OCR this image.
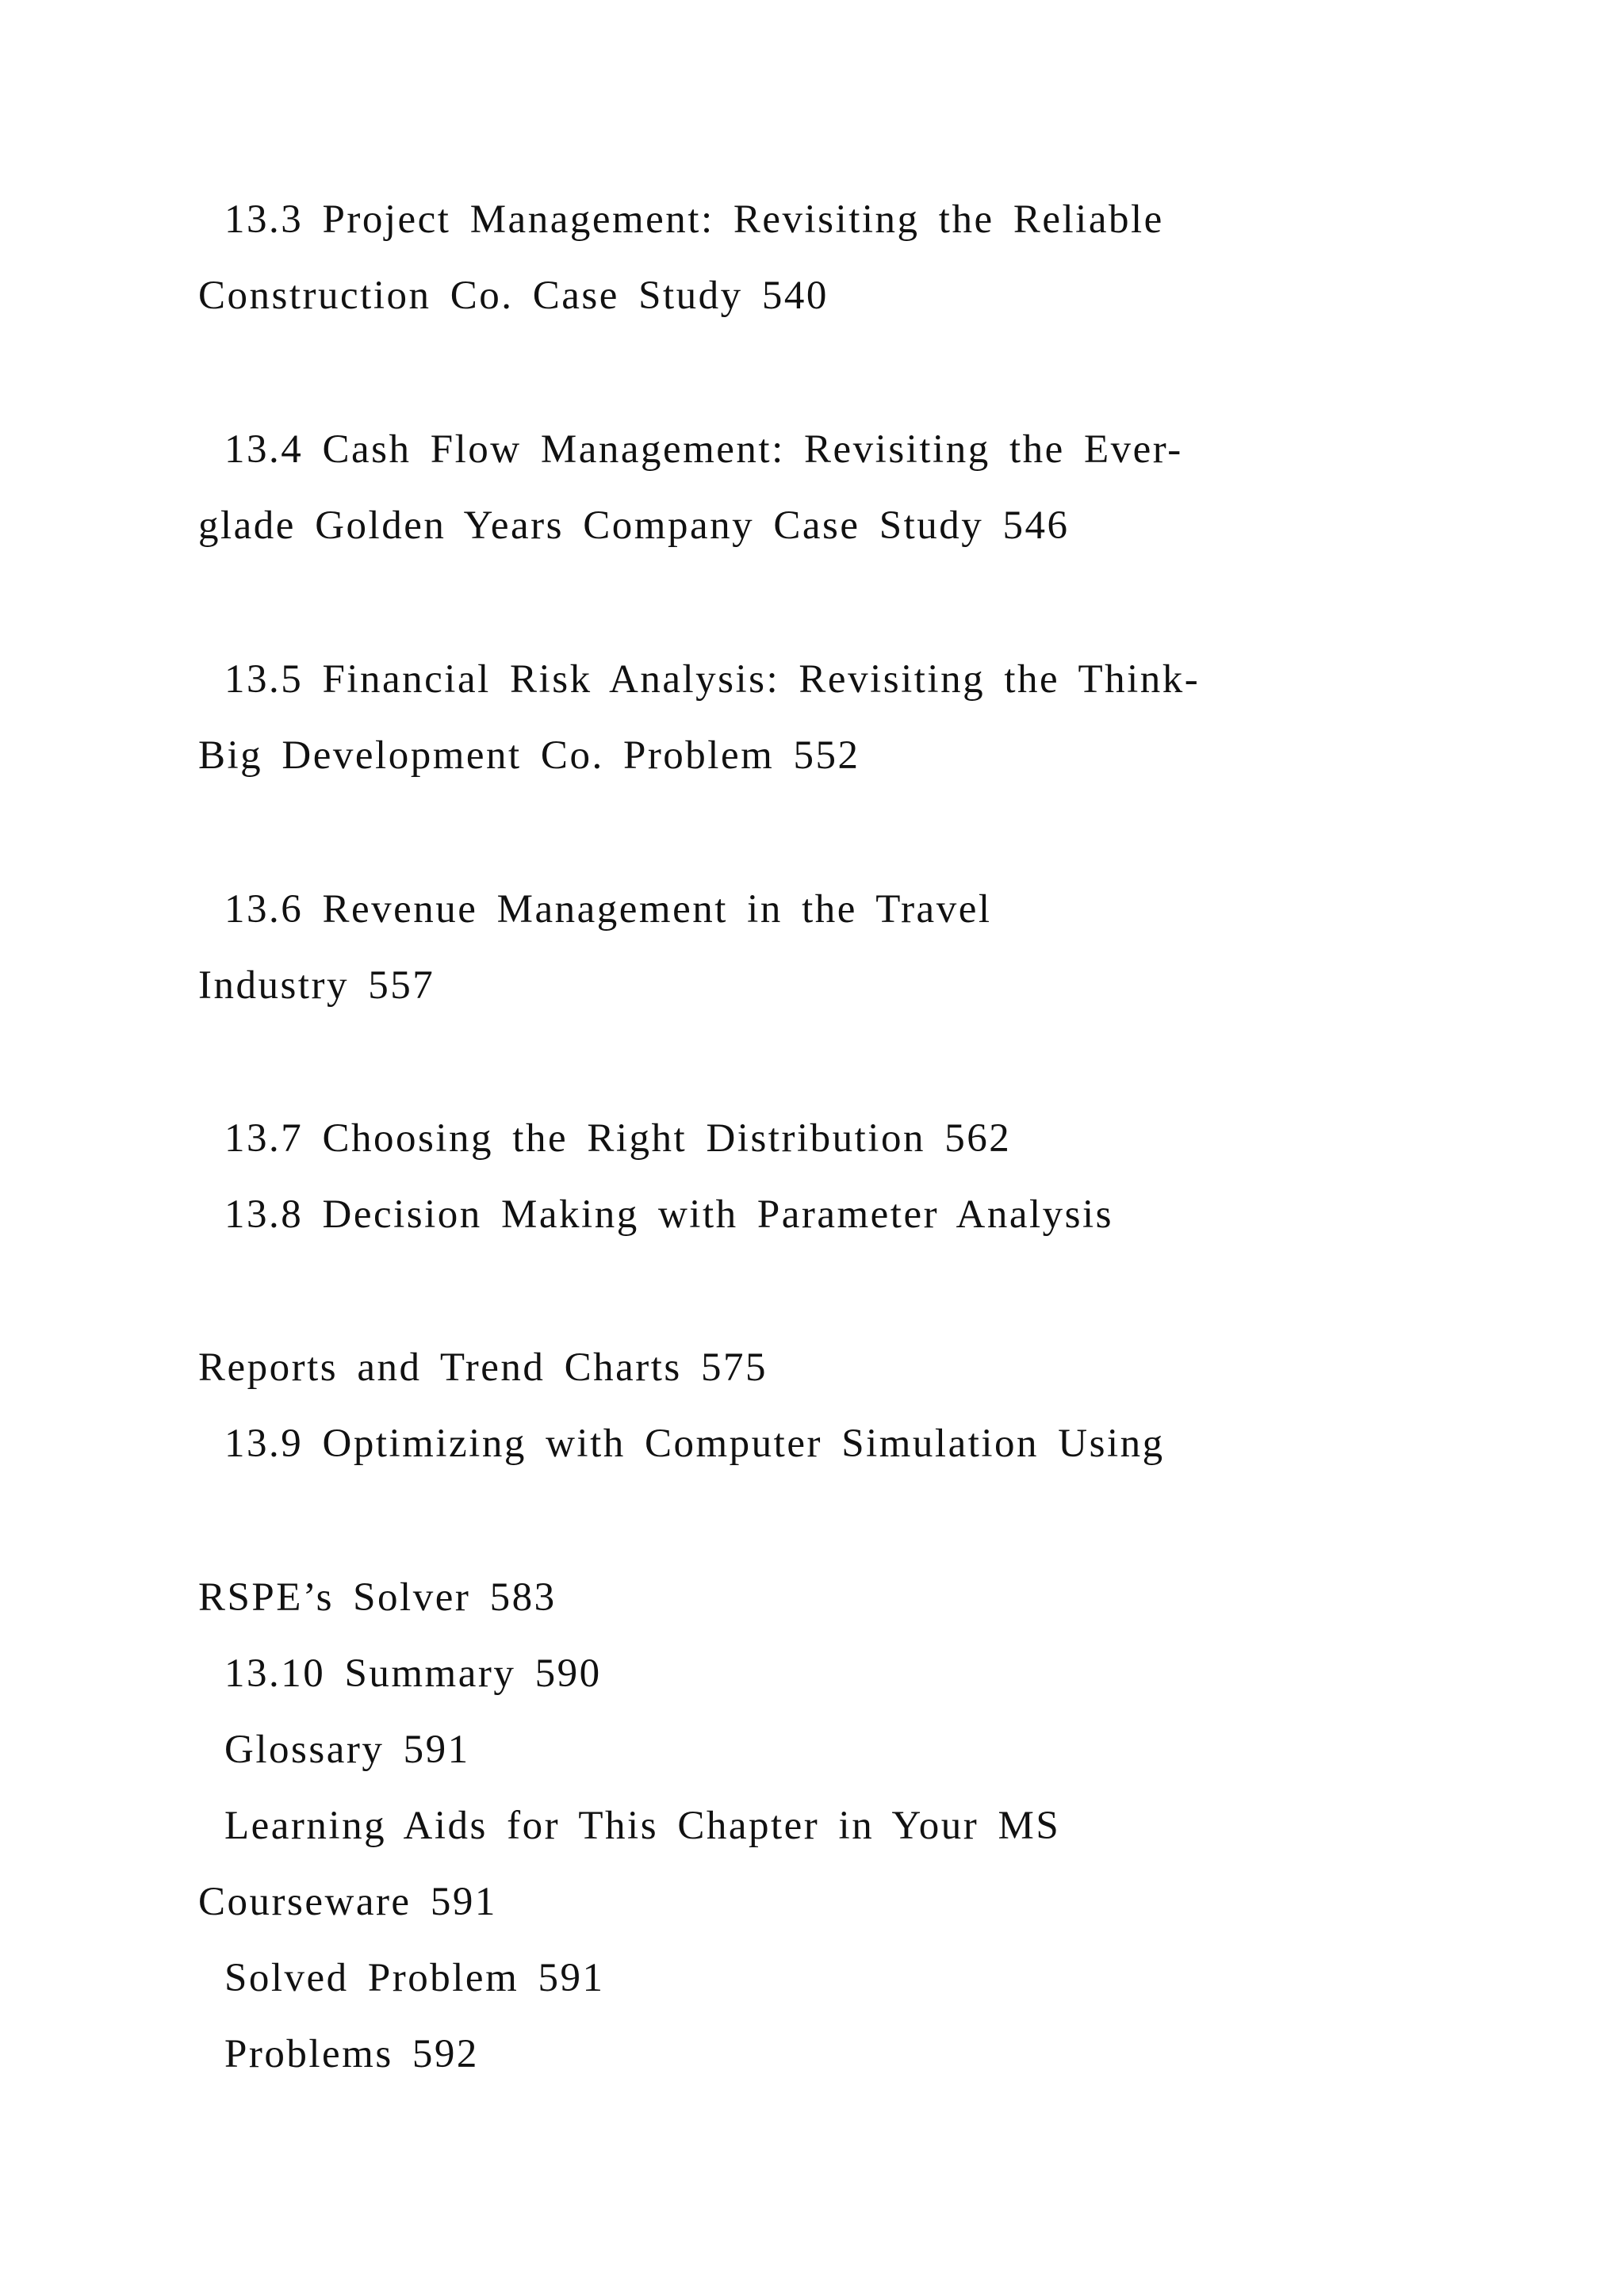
13.3 Project Management: Revisiting the Reliable
Construction Co. Case Study 540
13.4 Cash Flow Management: Revisiting the Ever-
glade Golden Years Company Case Study 546
13.5 Financial Risk Analysis: Revisiting the Think-
Big Development Co. Problem 552
13.6 Revenue Management in the Travel
Industry 557
13.7 Choosing the Right Distribution 562
13.8 Decision Making with Parameter Analysis
Reports and Trend Charts 575
13.9 Optimizing with Computer Simulation Using
RSPE’s Solver 583
13.10 Summary 590
Glossary 591
Learning Aids for This Chapter in Your MS
Courseware 591
Solved Problem 591
Problems 592
